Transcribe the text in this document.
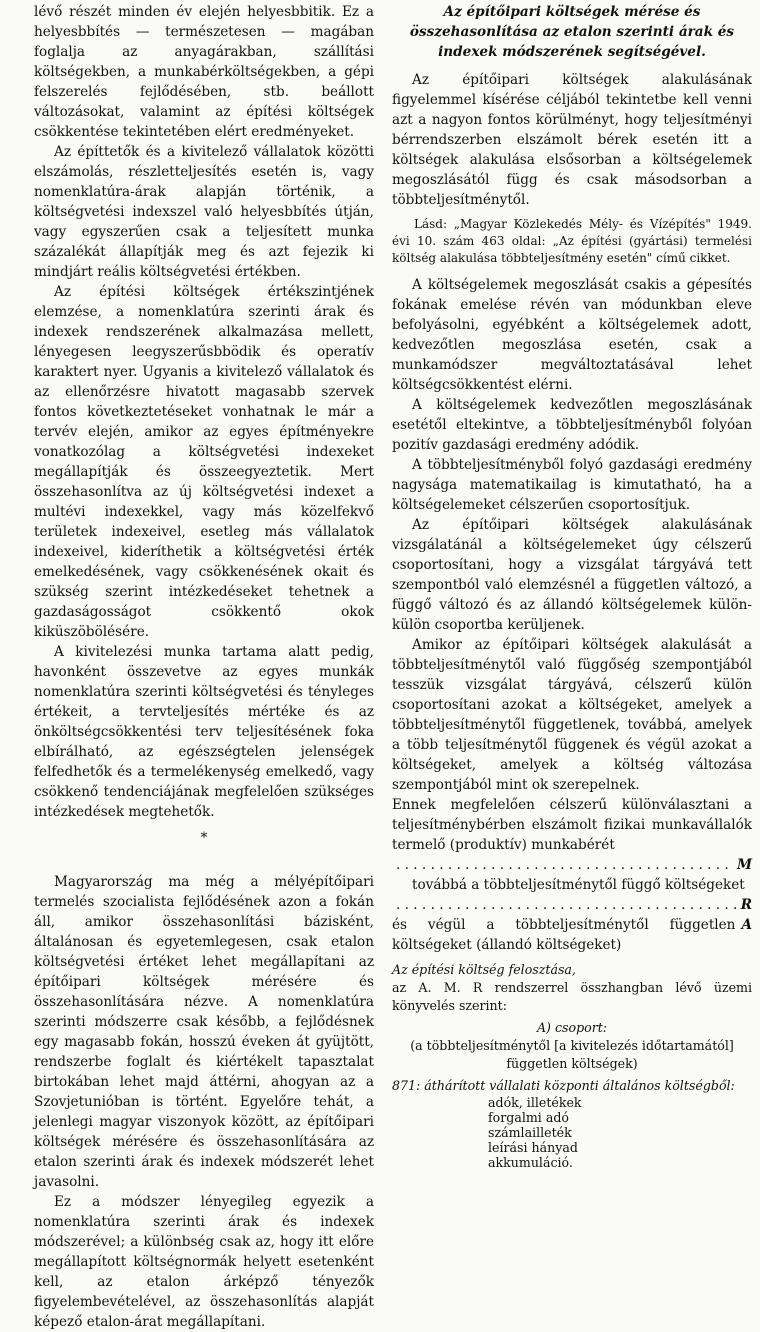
lévő részét minden év elején helyesbbitik. Ez a helyesbbítés — természetesen — magában foglalja az anyagárakban, szállítási költségekben, a munkabérköltségekben, a gépi felszerelés fejlődésében, stb. beállott változásokat, valamint az építési költségek csökkentése tekintetében elért eredményeket.

Az építtetők és a kivitelező vállalatok közötti elszámolás, részletteljesítés esetén is, vagy nomenklatúra-árak alapján történik, a költségvetési indexszel való helyesbbítés útján, vagy egyszerűen csak a teljesített munka százalékát állapítják meg és azt fejezik ki mindjárt reális költségvetési értékben.

Az építési költségek értékszintjének elemzése, a nomenklatúra szerinti árak és indexek rendszerének alkalmazása mellett, lényegesen leegyszerűsbbödik és operatív karaktert nyer. Ugyanis a kivitelező vállalatok és az ellenőrzésre hivatott magasabb szervek fontos következtetéseket vonhatnak le már a tervév elején, amikor az egyes építményekre vonatkozólag a költségvetési indexeket megállapítják és összeegyeztetik. Mert összehasonlítva az új költségvetési indexet a multévi indexekkel, vagy más közelfekvő területek indexeivel, esetleg más vállalatok indexeivel, kideríthetik a költségvetési érték emelkedésének, vagy csökkenésének okait és szükség szerint intézkedéseket tehetnek a gazdaságosságot csökkentő okok kiküszöbölésére.

A kivitelezési munka tartama alatt pedig, havonként összevetve az egyes munkák nomenklatúra szerinti költségvetési és tényleges értékeit, a tervteljesítés mértéke és az önköltségcsökkentési terv teljesítésének foka elbírálható, az egészségtelen jelenségek felfedhetők és a termelékenység emelkedő, vagy csökkenő tendenciájának megfelelően szükséges intézkedések megtehetők.

*

Magyarország ma még a mélyépítőipari termelés szocialista fejlődésének azon a fokán áll, amikor összehasonlítási bázisként, általánosan és egyetemlegesen, csak etalon költségvetési értéket lehet megállapítani az építőipari költségek mérésére és összehasonlítására nézve. A nomenklatúra szerinti módszerre csak később, a fejlődésnek egy magasabb fokán, hosszú éveken át gyüjtött, rendszerbe foglalt és kiértékelt tapasztalat birtokában lehet majd áttérni, ahogyan az a Szovjetunióban is történt. Egyelőre tehát, a jelenlegi magyar viszonyok között, az építőipari költségek mérésére és összehasonlítására az etalon szerinti árak és indexek módszerét lehet javasolni.

Ez a módszer lényegileg egyezik a nomenklatúra szerinti árak és indexek módszerével; a különbség csak az, hogy itt előre megállapított költségnormák helyett esetenként kell, az etalon árképző tényezők figyelembevételével, az összehasonlítás alapját képező etalon-árat megállapítani.

Az építőipari költségek mérése és összehasonlítása az etalon szerinti árak és indexek módszerének segítségével.

Az építőipari költségek alakulásának figyelemmel kísérése céljából tekintetbe kell venni azt a nagyon fontos körülményt, hogy teljesítményi bérrendszerben elszámolt bérek esetén itt a költségek alakulása elsősorban a költségelemek megoszlásától függ és csak másodsorban a többteljesítménytől.

Lásd: „Magyar Közlekedés Mély- és Vízépítés" 1949. évi 10. szám 463 oldal: „Az építési (gyártási) termelési költség alakulása többteljesítmény esetén" című cikket.

A költségelemek megoszlását csakis a gépesítés fokának emelése révén van módunkban eleve befolyásolni, egyébként a költségelemek adott, kedvezőtlen megoszlása esetén, csak a munkamódszer megváltoztatásával lehet költségcsökkentést elérni.

A költségelemek kedvezőtlen megoszlásának esetétől eltekintve, a többteljesítményből folyóan pozitív gazdasági eredmény adódik.

A többteljesítményből folyó gazdasági eredmény nagysága matematikailag is kimutatható, ha a költségelemeket célszerűen csoportosítjuk.

Az építőipari költségek alakulásának vizsgálatánál a költségelemeket úgy célszerű csoportosítani, hogy a vizsgálat tárgyává tett szempontból való elemzésnél a független változó, a függő változó és az állandó költségelemek külön-külön csoportba kerüljenek.

Amikor az építőipari költségek alakulását a többteljesítménytől való függőség szempontjából tesszük vizsgálat tárgyává, célszerű külön csoportosítani azokat a költségeket, amelyek a többteljesítménytől függetlenek, továbbá, amelyek a több teljesítménytől függenek és végül azokat a költségeket, amelyek a költség változása szempontjából mint ok szerepelnek.

Ennek megfelelően célszerű különválasztani a teljesítménybérben elszámolt fizikai munkavállalók termelő (produktív) munkabérét
. . .
M
továbbá a többteljesítménytől függő költségeket
. . .
R
és végül a többteljesítménytől független költségeket (állandó költségeket)
A

Az építési költség felosztása,

az A. M. R rendszerrel összhangban lévő üzemi könyvelés szerint:

A) csoport:

(a többteljesítménytől [a kivitelezés időtartamától] független költségek)

871: áthárított vállalati központi általános költségből:

adók, illetékek
forgalmi adó
számlailleték
leírási hányad
akkumuláció.
